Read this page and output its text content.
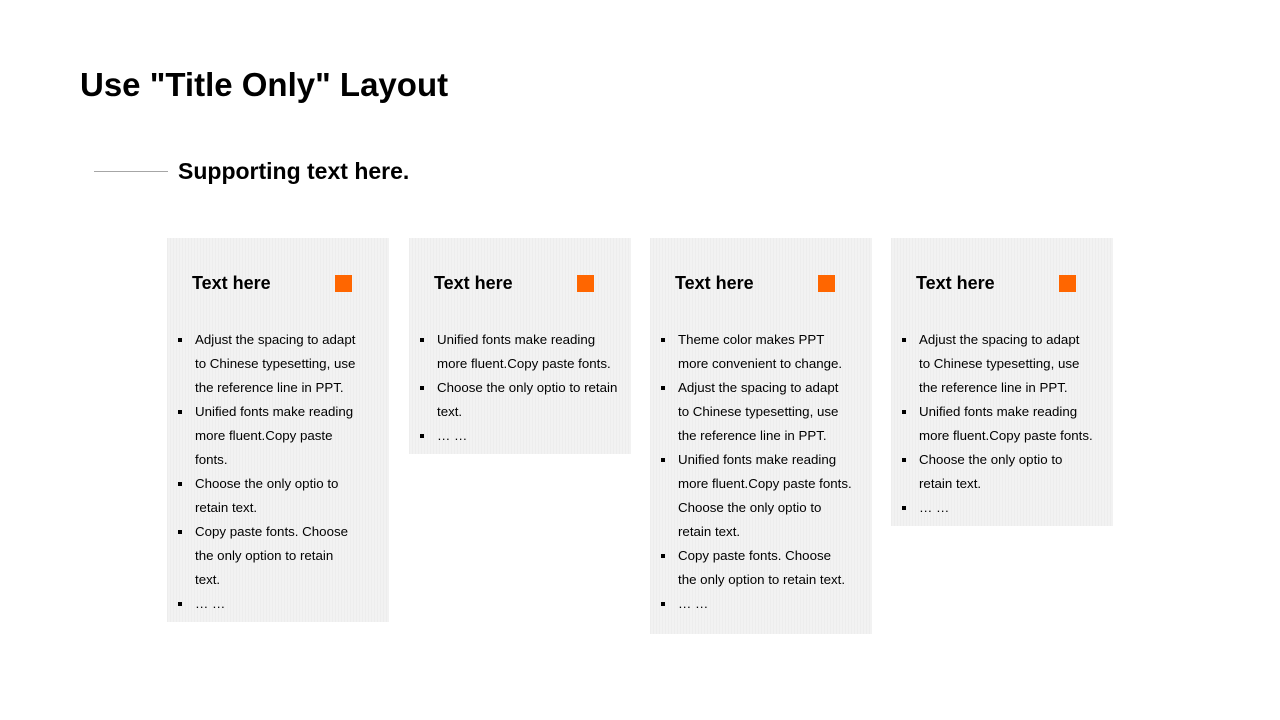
Use "Title Only" Layout
Supporting text here.
Text here
Adjust the spacing to adapt to Chinese typesetting, use the reference line in PPT.
Unified fonts make reading more fluent.Copy paste fonts.
Choose the only optio to retain text.
Copy paste fonts. Choose the only option to retain text.
… …
Text here
Unified fonts make reading more fluent.Copy paste fonts.
Choose the only optio to retain text.
… …
Text here
Theme color makes PPT more convenient to change.
Adjust the spacing to adapt to Chinese typesetting, use the reference line in PPT.
Unified fonts make reading more fluent.Copy paste fonts. Choose the only optio to retain text.
Copy paste fonts. Choose the only option to retain text.
… …
Text here
Adjust the spacing to adapt to Chinese typesetting, use the reference line in PPT.
Unified fonts make reading more fluent.Copy paste fonts.
Choose the only optio to retain text.
… …
